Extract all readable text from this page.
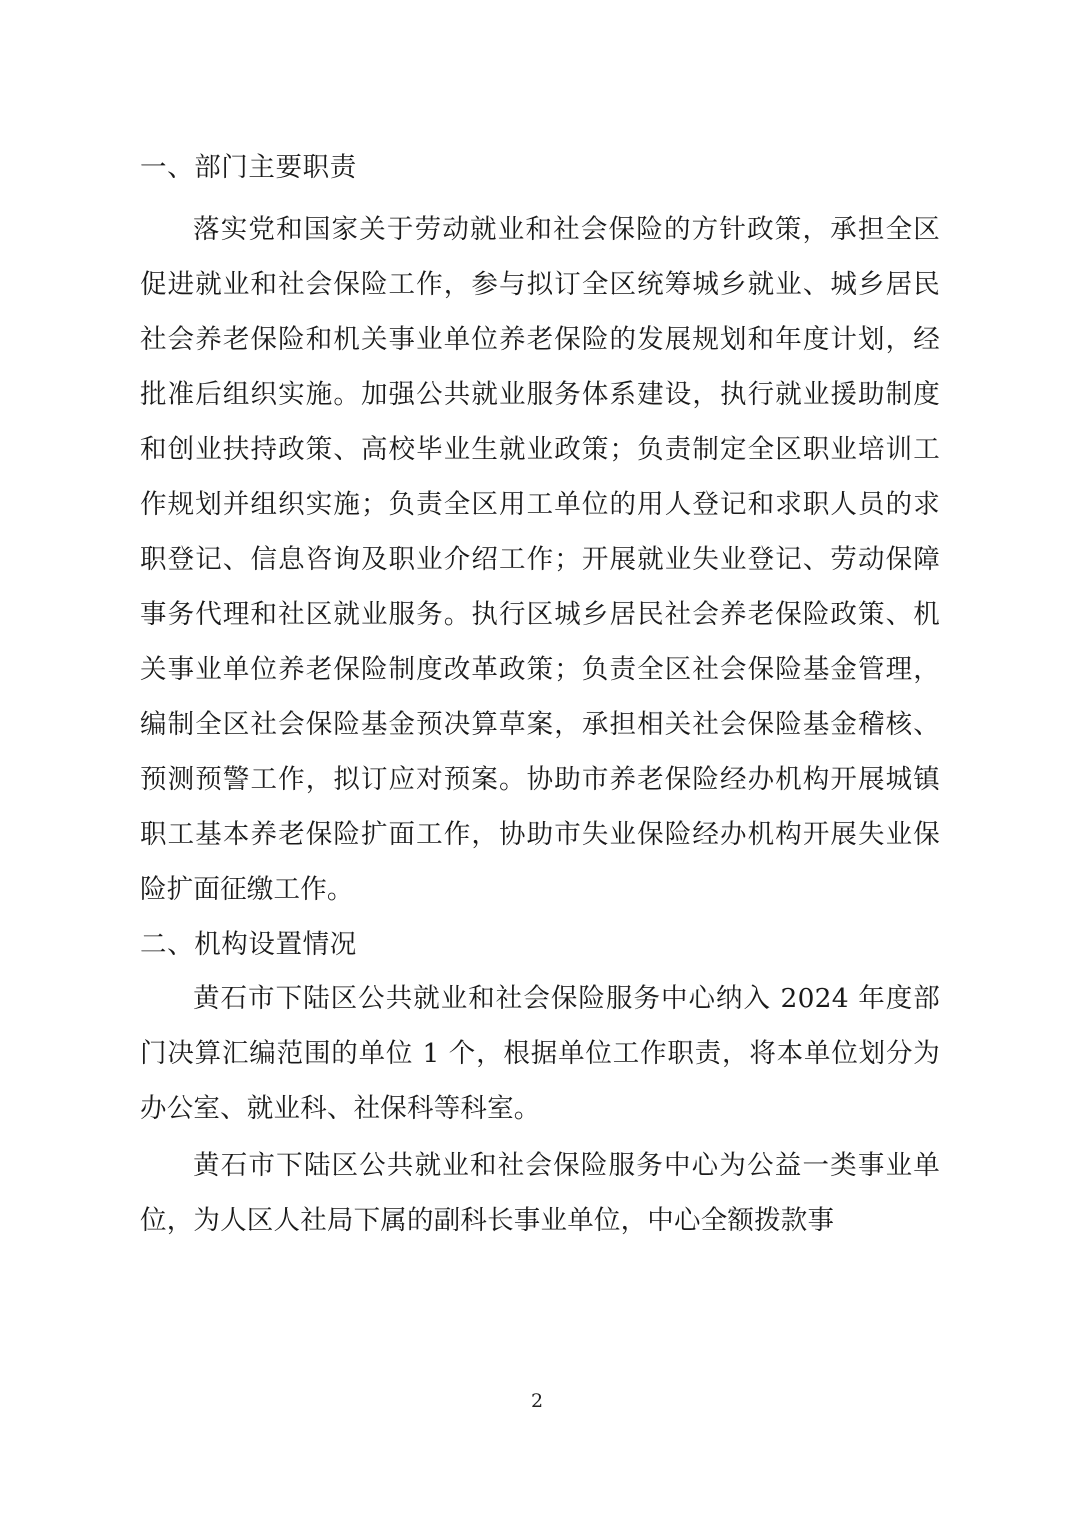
一、部门主要职责

落实党和国家关于劳动就业和社会保险的方针政策，承担全区促进就业和社会保险工作，参与拟订全区统筹城乡就业、城乡居民社会养老保险和机关事业单位养老保险的发展规划和年度计划，经批准后组织实施。加强公共就业服务体系建设，执行就业援助制度和创业扶持政策、高校毕业生就业政策；负责制定全区职业培训工作规划并组织实施；负责全区用工单位的用人登记和求职人员的求职登记、信息咨询及职业介绍工作；开展就业失业登记、劳动保障事务代理和社区就业服务。执行区城乡居民社会养老保险政策、机关事业单位养老保险制度改革政策；负责全区社会保险基金管理，编制全区社会保险基金预决算草案，承担相关社会保险基金稽核、预测预警工作，拟订应对预案。协助市养老保险经办机构开展城镇职工基本养老保险扩面工作，协助市失业保险经办机构开展失业保险扩面征缴工作。

二、机构设置情况

黄石市下陆区公共就业和社会保险服务中心纳入 2024 年度部门决算汇编范围的单位 1 个，根据单位工作职责，将本单位划分为办公室、就业科、社保科等科室。

黄石市下陆区公共就业和社会保险服务中心为公益一类事业单位，为人区人社局下属的副科长事业单位，中心全额拨款事

2
